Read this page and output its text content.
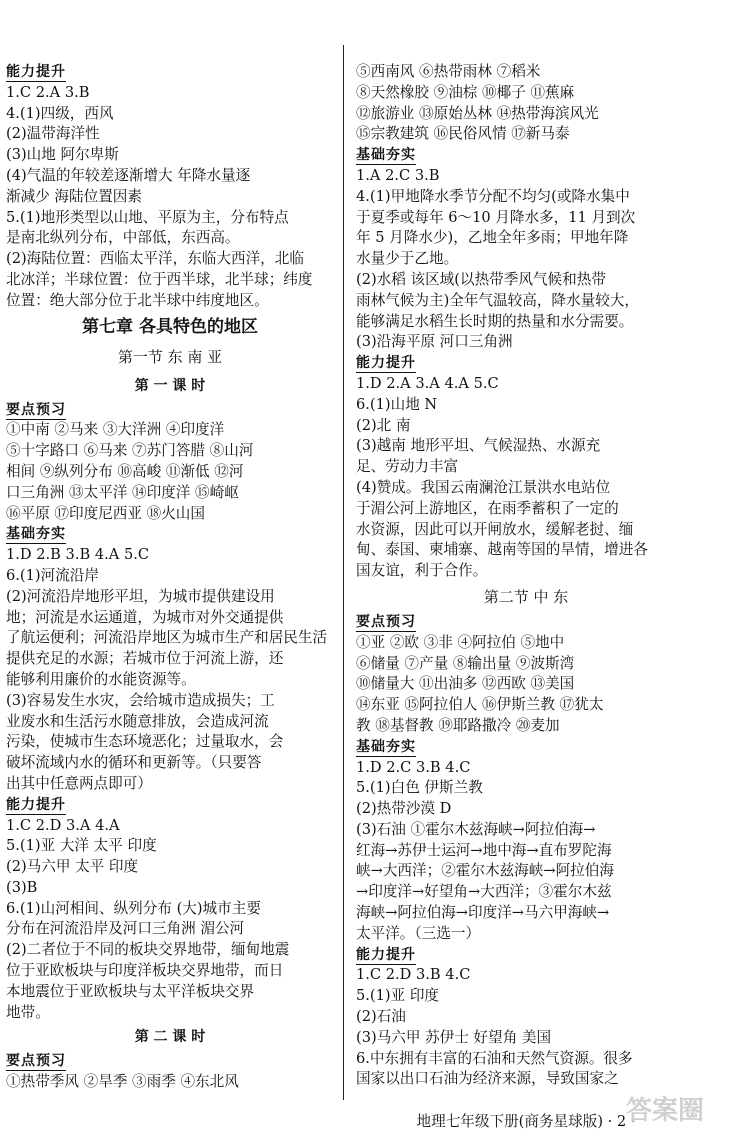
能力提升
1.C 2.A 3.B
4.(1)四级，西风
(2)温带海洋性
(3)山地 阿尔卑斯
(4)气温的年较差逐渐增大 年降水量逐
渐减少 海陆位置因素
5.(1)地形类型以山地、平原为主，分布特点
是南北纵列分布，中部低，东西高。
(2)海陆位置：西临太平洋，东临大西洋，北临
北冰洋；半球位置：位于西半球，北半球；纬度
位置：绝大部分位于北半球中纬度地区。
第七章 各具特色的地区
第一节 东 南 亚
第 一 课 时
要点预习
①中南 ②马来 ③大洋洲 ④印度洋
⑤十字路口 ⑥马来 ⑦苏门答腊 ⑧山河
相间 ⑨纵列分布 ⑩高峻 ⑪渐低 ⑫河
口三角洲 ⑬太平洋 ⑭印度洋 ⑮崎岖
⑯平原 ⑰印度尼西亚 ⑱火山国
基础夯实
1.D 2.B 3.B 4.A 5.C
6.(1)河流沿岸
(2)河流沿岸地形平坦，为城市提供建设用
地；河流是水运通道，为城市对外交通提供
了航运便利；河流沿岸地区为城市生产和居民生活
提供充足的水源；若城市位于河流上游，还
能够利用廉价的水能资源等。
(3)容易发生水灾，会给城市造成损失；工
业废水和生活污水随意排放，会造成河流
污染，使城市生态环境恶化；过量取水，会
破坏流域内水的循环和更新等。（只要答
出其中任意两点即可）
能力提升
1.C 2.D 3.A 4.A
5.(1)亚 大洋 太平 印度
(2)马六甲 太平 印度
(3)B
6.(1)山河相间、纵列分布 (大)城市主要
分布在河流沿岸及河口三角洲 湄公河
(2)二者位于不同的板块交界地带，缅甸地震
位于亚欧板块与印度洋板块交界地带，而日
本地震位于亚欧板块与太平洋板块交界
地带。
第 二 课 时
要点预习
①热带季风 ②旱季 ③雨季 ④东北风
⑤西南风 ⑥热带雨林 ⑦稻米
⑧天然橡胶 ⑨油棕 ⑩椰子 ⑪蕉麻
⑫旅游业 ⑬原始丛林 ⑭热带海滨风光
⑮宗教建筑 ⑯民俗风情 ⑰新马泰
基础夯实
1.A 2.C 3.B
4.(1)甲地降水季节分配不均匀(或降水集中
于夏季或每年 6～10 月降水多，11 月到次
年 5 月降水少)，乙地全年多雨；甲地年降
水量少于乙地。
(2)水稻 该区域(以热带季风气候和热带
雨林气候为主)全年气温较高，降水量较大，
能够满足水稻生长时期的热量和水分需要。
(3)沿海平原 河口三角洲
能力提升
1.D 2.A 3.A 4.A 5.C
6.(1)山地 N
(2)北 南
(3)越南 地形平坦、气候湿热、水源充
足、劳动力丰富
(4)赞成。我国云南澜沧江景洪水电站位
于湄公河上游地区，在雨季蓄积了一定的
水资源，因此可以开闸放水，缓解老挝、缅
甸、泰国、柬埔寨、越南等国的旱情，增进各
国友谊，利于合作。
第二节 中 东
要点预习
①亚 ②欧 ③非 ④阿拉伯 ⑤地中
⑥储量 ⑦产量 ⑧输出量 ⑨波斯湾
⑩储量大 ⑪出油多 ⑫西欧 ⑬美国
⑭东亚 ⑮阿拉伯人 ⑯伊斯兰教 ⑰犹太
教 ⑱基督教 ⑲耶路撒冷 ⑳麦加
基础夯实
1.D 2.C 3.B 4.C
5.(1)白色 伊斯兰教
(2)热带沙漠 D
(3)石油 ①霍尔木兹海峡→阿拉伯海→
红海→苏伊士运河→地中海→直布罗陀海
峡→大西洋；②霍尔木兹海峡→阿拉伯海
→印度洋→好望角→大西洋；③霍尔木兹
海峡→阿拉伯海→印度洋→马六甲海峡→
太平洋。（三选一）
能力提升
1.C 2.D 3.B 4.C
5.(1)亚 印度
(2)石油
(3)马六甲 苏伊士 好望角 美国
6.中东拥有丰富的石油和天然气资源。很多
国家以出口石油为经济来源，导致国家之
地理七年级下册(商务星球版) · 2 ·
答案圈
